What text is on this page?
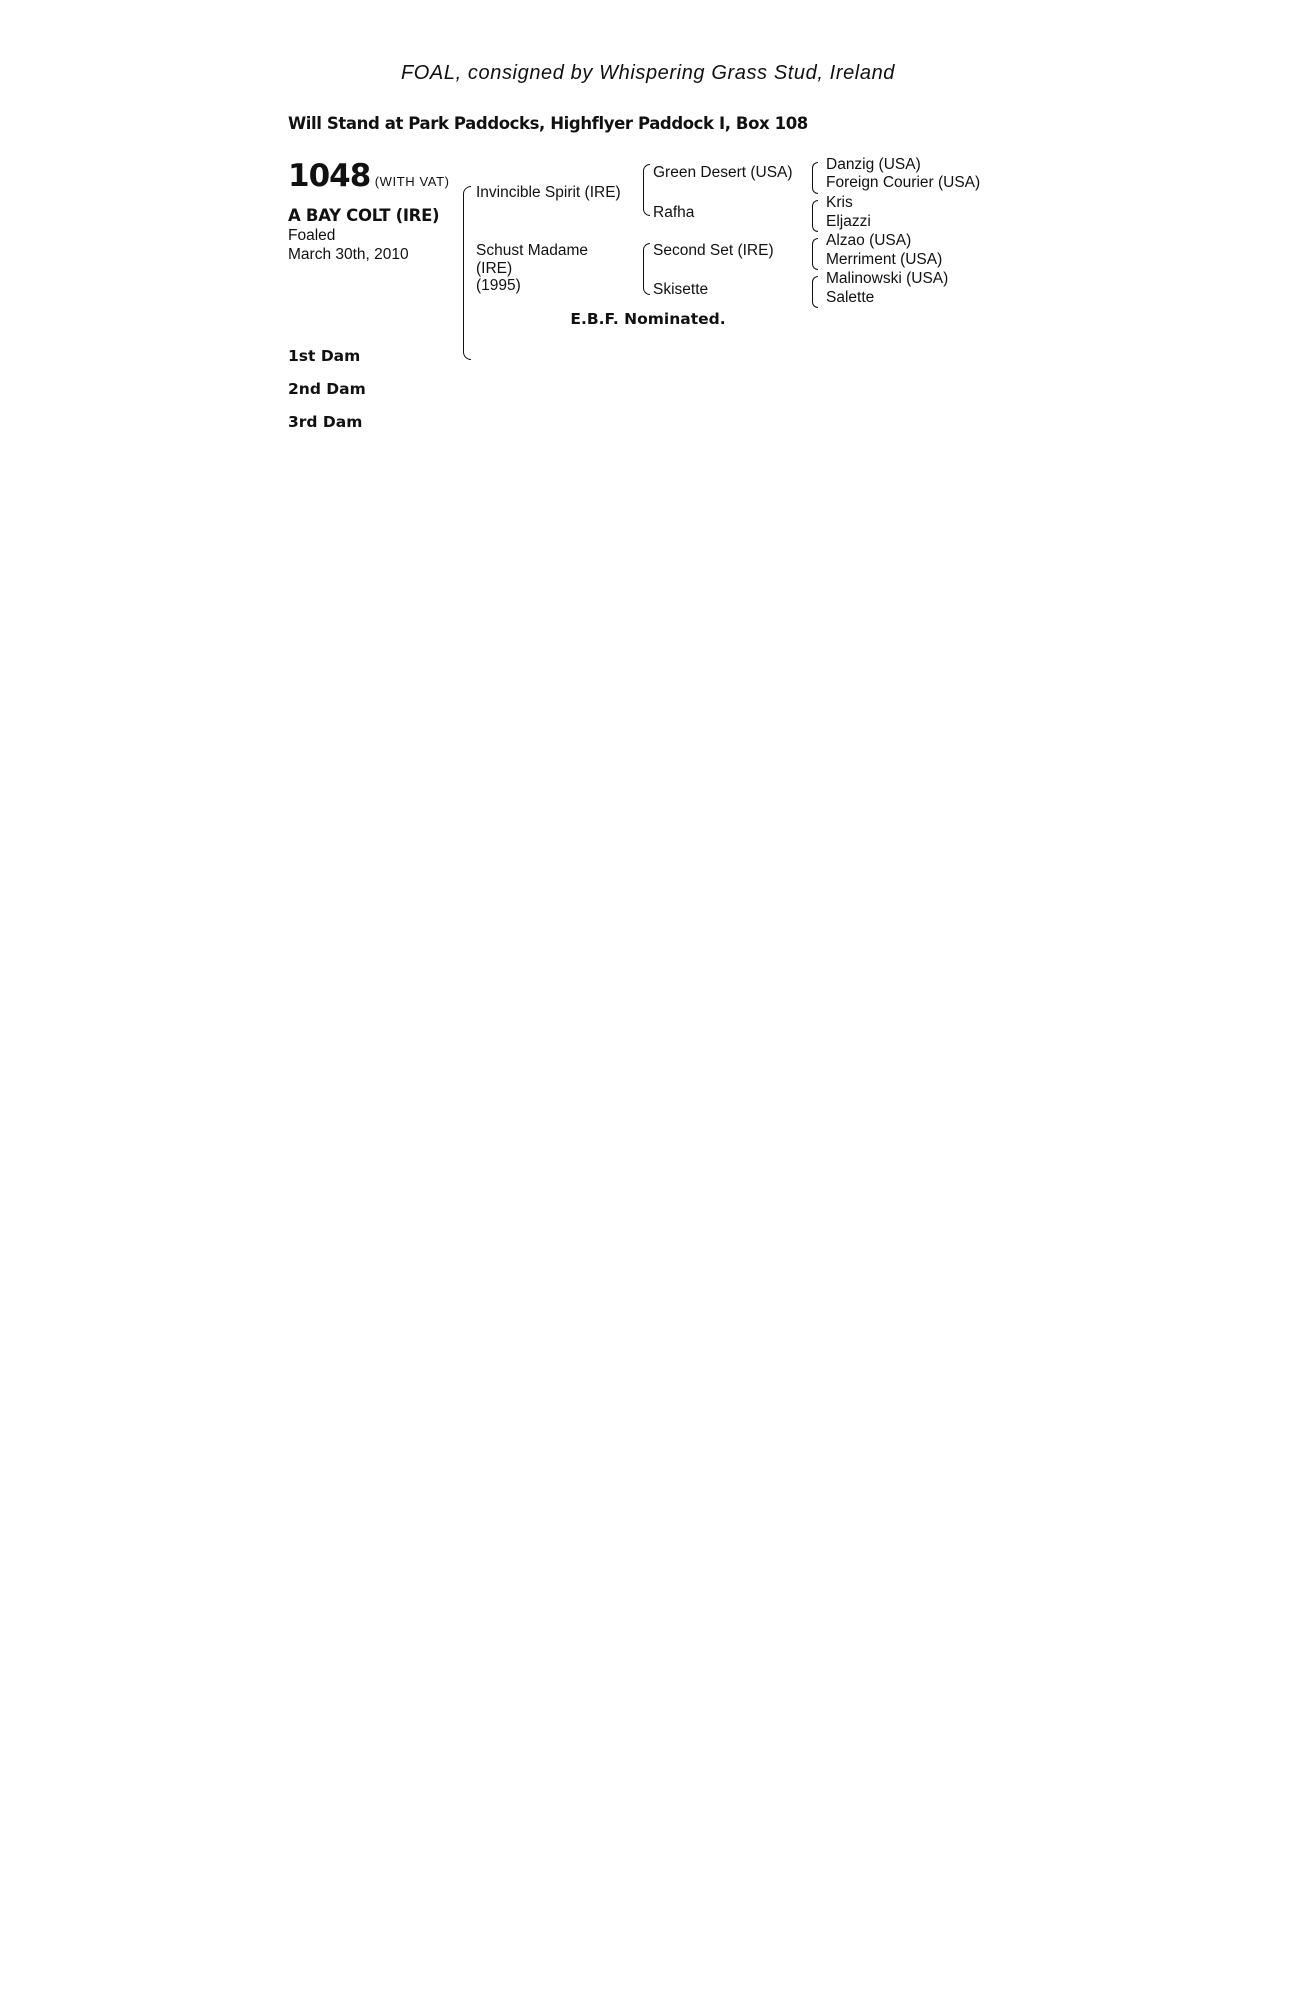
FOAL, consigned by Whispering Grass Stud, Ireland
Will Stand at Park Paddocks, Highflyer Paddock I, Box 108
1048 (WITH VAT)
A BAY COLT (IRE)
Foaled
March 30th, 2010
Invincible Spirit (IRE)
Schust Madame
(IRE)
(1995)
Green Desert (USA)
Rafha
Second Set (IRE)
Skisette
Danzig (USA)
Foreign Courier (USA)
Kris
Eljazzi
Alzao (USA)
Merriment (USA)
Malinowski (USA)
Salette
E.B.F. Nominated.

1st Dam

2nd Dam

3rd Dam
